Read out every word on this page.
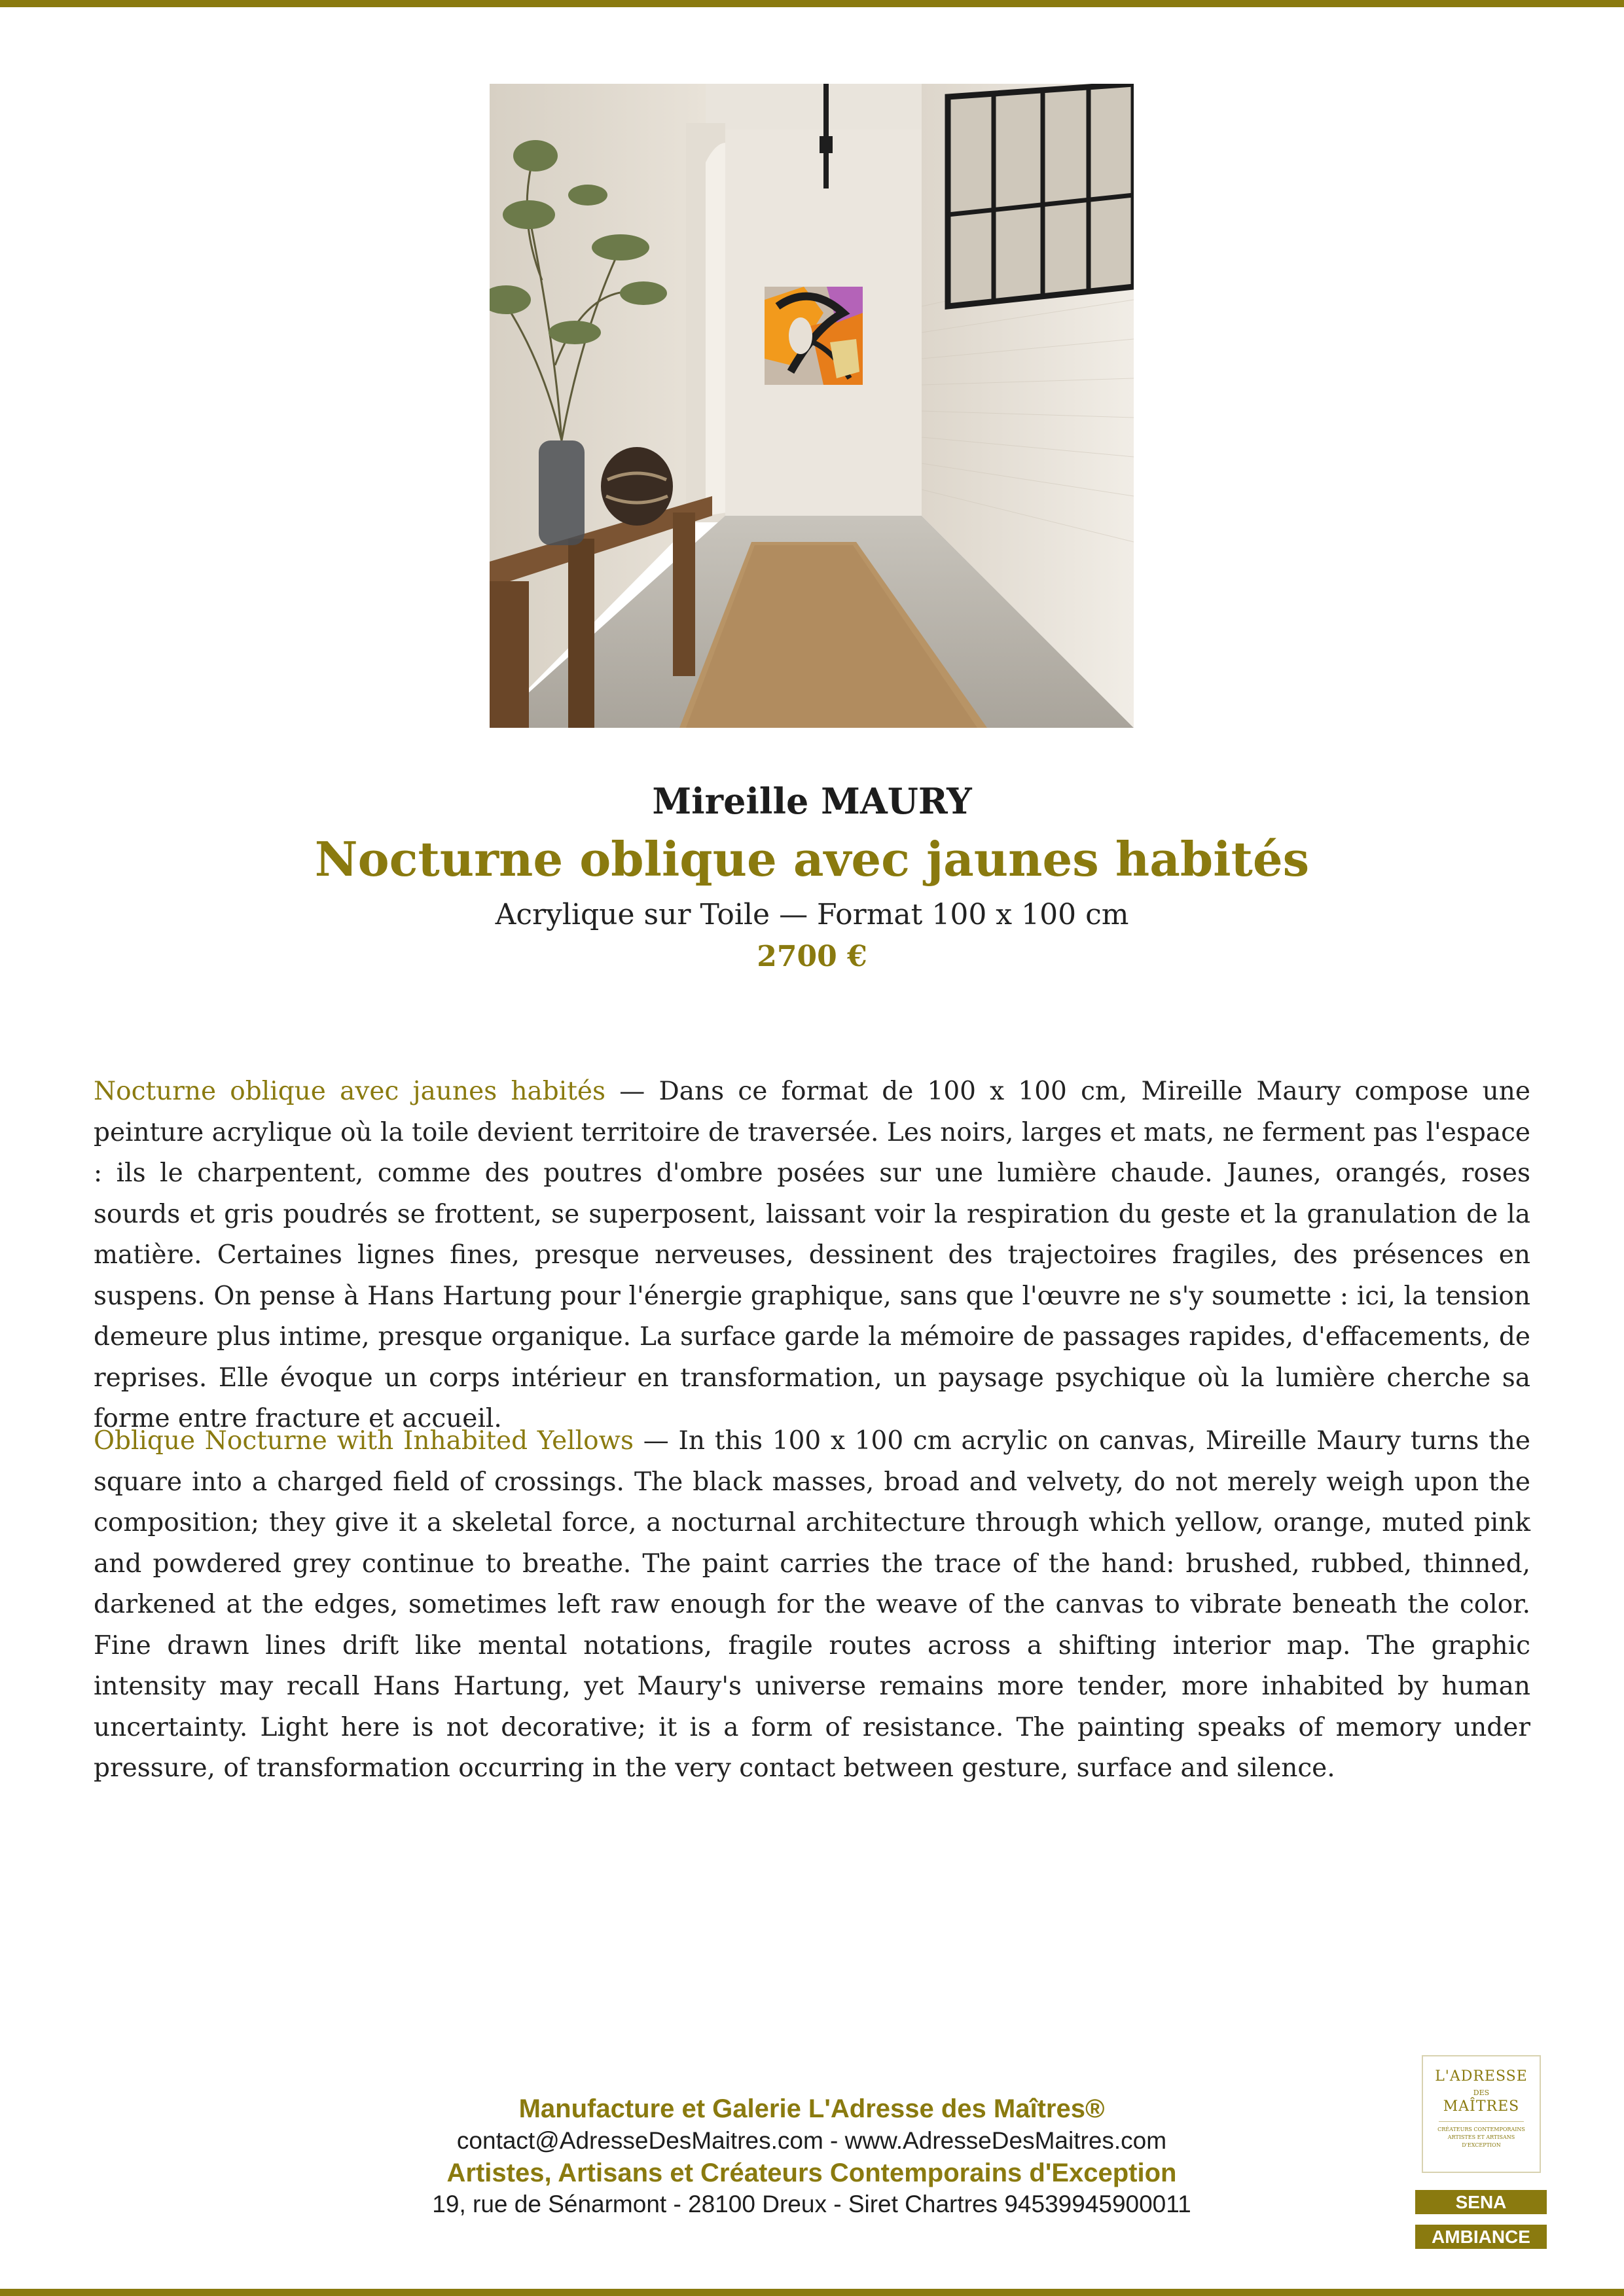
Mireille MAURY
Nocturne oblique avec jaunes habités
Acrylique sur Toile — Format 100 x 100 cm
2700 €
Nocturne oblique avec jaunes habités — Dans ce format de 100 x 100 cm, Mireille Maury compose une peinture acrylique où la toile devient territoire de traversée. Les noirs, larges et mats, ne ferment pas l'espace : ils le charpentent, comme des poutres d'ombre posées sur une lumière chaude. Jaunes, orangés, roses sourds et gris poudrés se frottent, se superposent, laissant voir la respiration du geste et la granulation de la matière. Certaines lignes fines, presque nerveuses, dessinent des trajectoires fragiles, des présences en suspens. On pense à Hans Hartung pour l'énergie graphique, sans que l'œuvre ne s'y soumette : ici, la tension demeure plus intime, presque organique. La surface garde la mémoire de passages rapides, d'effacements, de reprises. Elle évoque un corps intérieur en transformation, un paysage psychique où la lumière cherche sa forme entre fracture et accueil.
Oblique Nocturne with Inhabited Yellows — In this 100 x 100 cm acrylic on canvas, Mireille Maury turns the square into a charged field of crossings. The black masses, broad and velvety, do not merely weigh upon the composition; they give it a skeletal force, a nocturnal architecture through which yellow, orange, muted pink and powdered grey continue to breathe. The paint carries the trace of the hand: brushed, rubbed, thinned, darkened at the edges, sometimes left raw enough for the weave of the canvas to vibrate beneath the color. Fine drawn lines drift like mental notations, fragile routes across a shifting interior map. The graphic intensity may recall Hans Hartung, yet Maury's universe remains more tender, more inhabited by human uncertainty. Light here is not decorative; it is a form of resistance. The painting speaks of memory under pressure, of transformation occurring in the very contact between gesture, surface and silence.
Manufacture et Galerie L'Adresse des Maîtres®
contact@AdresseDesMaitres.com - www.AdresseDesMaitres.com
Artistes, Artisans et Créateurs Contemporains d'Exception
19, rue de Sénarmont - 28100 Dreux - Siret Chartres 94539945900011
L'ADRESSE
DES
MAÎTRES
CRÉATEURS CONTEMPORAINS ARTISTES ET ARTISANS D'EXCEPTION
SENA
AMBIANCE
